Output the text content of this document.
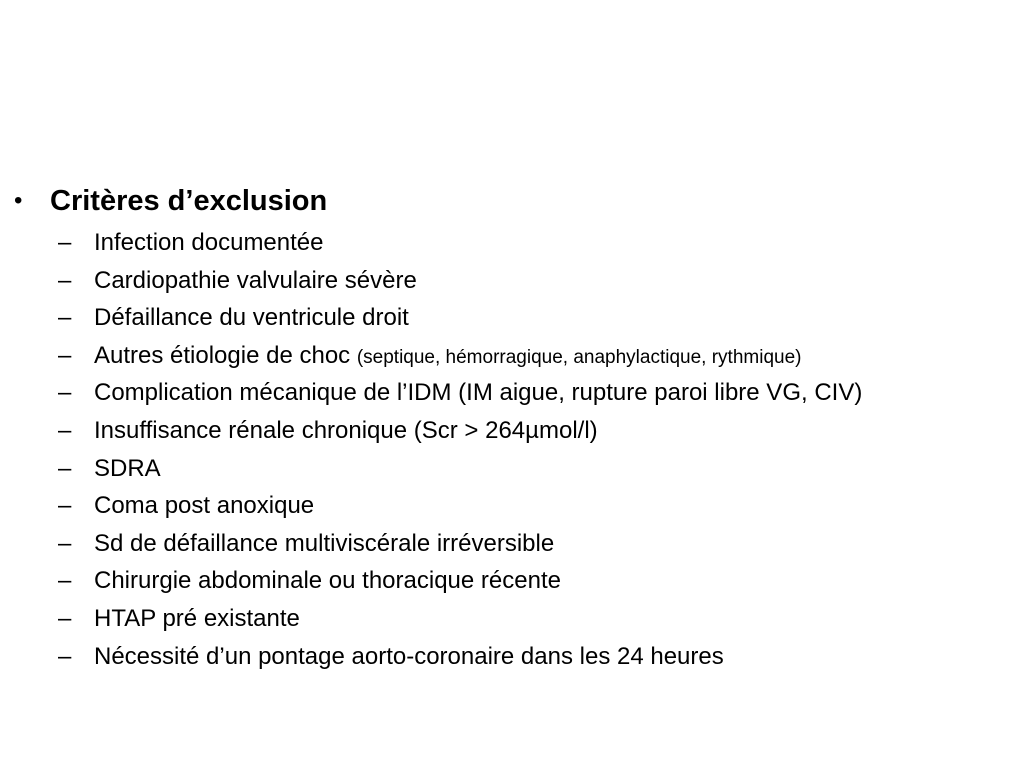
• Critères d’exclusion
– Infection documentée
– Cardiopathie valvulaire sévère
– Défaillance du ventricule droit
– Autres étiologie de choc (septique, hémorragique, anaphylactique, rythmique)
– Complication mécanique de l’IDM (IM aigue, rupture paroi libre VG, CIV)
– Insuffisance rénale chronique (Scr > 264µmol/l)
– SDRA
– Coma post anoxique
– Sd de défaillance multiviscérale irréversible
– Chirurgie abdominale ou thoracique récente
– HTAP pré existante
– Nécessité d’un pontage aorto-coronaire dans les 24 heures
